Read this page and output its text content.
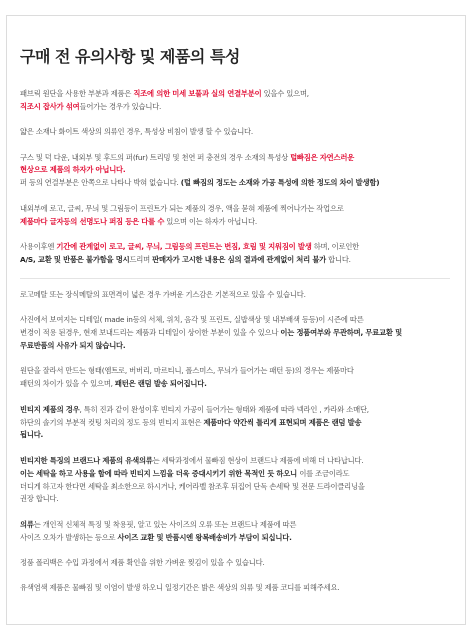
구매 전 유의사항 및 제품의 특성
패브릭 원단을 사용한 부분과 제품은 직조에 의한 미세 보풀과 실의 연결부분이 있을수 있으며,
직조시 잡사가 섞여들어가는 경우가 있습니다.
얇은 소재나 화이트 색상의 의류인 경우, 특성상 비침이 발생 할 수 있습니다.
구스 및 덕 다운, 내외부 및 후드의 퍼(fur) 트리밍 및 천연 퍼 충전의 경우 소재의 특성상 털빠짐은 자연스러운
현상으로 제품의 하자가 아닙니다.
퍼 등의 연결부분은 안쪽으로 나타나 박혀 없습니다. (털 빠짐의 정도는 소재와 가공 특성에 의한 정도의 차이 발생함)
내외부에 로고, 글씨, 무늬 및 그림등이 프린트가 되는 제품의 경우, 액을 묻혀 제품에 찍어나가는 작업으로
제품마다 글자등의 선명도나 퍼짐 등은 다를 수 있으며 이는 하자가 아닙니다.
사용이후엔 기간에 관계없이 로고, 글씨, 무늬, 그림등의 프린트는 번짐, 흐림 및 지워짐이 발생 하며, 이로인한
A/S, 교환 및 반품은 불가함을 명시드리며 판매자가 고시한 내용은 심의 결과에 관계없이 처리 불가 합니다.
로고메탈 또는 장식메탈의 표면격이 넓은 경우 가벼운 기스감은 기본적으로 있을 수 있습니다.
사진에서 보여지는 디테일( made in등의 서체, 위치, 음각 및 프린트, 실밥색상 및 내부배색 등등)이 시즌에 따른
변경이 적용 된경우, 현재 보내드리는 제품과 디테일이 상이한 부분이 있을 수 있으나 이는 정품여부와 무관하며, 무료교환 및
무료반품의 사유가 되지 않습니다.
원단을 잘라서 만드는 형태(엠트로, 버버리, 마르티니, 폴스미스, 무늬가 들어가는 패턴 등)의 경우는 제품마다
패턴의 차이가 있을 수 있으며, 패턴은 랜덤 발송 되어집니다.
빈티지 제품의 경우, 특히 진과 같이 완성이후 빈티지 가공이 들어가는 형태와 제품에 따라 넥라인 , 카라와 소매단,
하단의 솔기의 부분적 컷팅 처리의 정도 등의 빈티지 표현은 제품마다 약간씩 틀리게 표현되며 제품은 랜덤 발송
됩니다.
빈티지한 특징의 브랜드나 제품의 유색의류는 세탁과정에서 물빠짐 현상이 브랜드나 제품에 비해 더 나타납니다.
이는 세탁을 하고 사용을 함에 따라 빈티지 느낌을 더욱 증대시키기 위한 목적인 듯 하오니 이를 조금이라도
더디게 하고자 한다면 세탁을 최소한으로 하시거나, 케어라벨 참조후 뒤집어 단독 손세탁 및 전문 드라이클리닝을
권장 합니다.
의류는 개인적 신체적 특징 및 착용핏, 알고 있는 사이즈의 오류 또는 브랜드나 제품에 따른
사이즈 오차가 발생하는 등으로 사이즈 교환 및 반품시엔 왕복배송비가 부담이 되십니다.
정품 폴리백은 수입 과정에서 제품 확인을 위한 가벼운 찢김이 있을 수 있습니다.
유색염색 제품은 물빠짐 및 이염이 발생 하오니 일정기간은 밝은 색상의 의류 및 제품 코디를 피해주세요.
